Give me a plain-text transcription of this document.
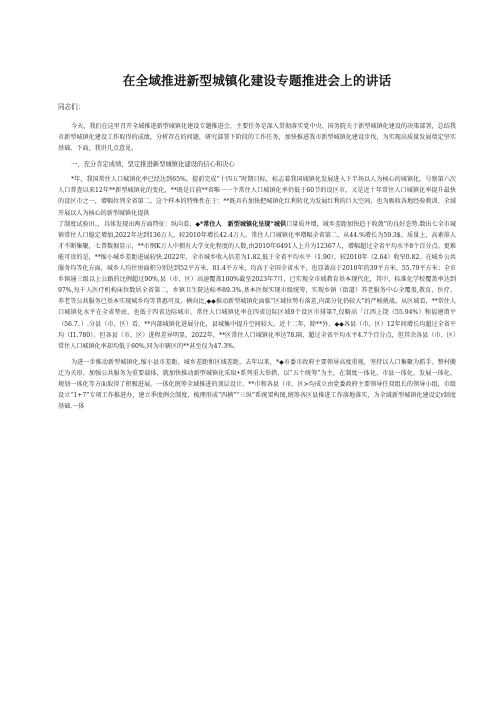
在全域推进新型城镇化建设专题推进会上的讲话

同志们：

今天，我们在这里召开全域推进新型城镇化建设专题推进会，主要任务是深入贯彻落实党中央、国务院关于新型城镇化建设的决策部署，总结我市新型城镇化建设工作取得的成绩，分析存在的问题，研究部署下阶段的工作任务，加快推进我市新型城镇化建设步伐，为实现高质量发展奠定坚实基础。下面，我讲几点意见。

一、充分肯定成绩，坚定推进新型城镇化建设的信心和决心

*年，我国常住人口城镇化率已经达到65%，提前完成“十四五”时期目标，标志着我国城镇化发展进入下半场以人为核心的城镇化。号察第六次人口普查以来12年**新型城镇化的变化，**既是目前**省唯一一个常住人口城镇化率仍低于60节的设区市，又是近十年常住人口城镇化率提升最快的设区市之一，增幅位列全省第二。这个样本的特殊性在于：**既具有加快把城镇化红利转化为发展红利的巨大空间，也为吸收各地经验教训、全域开展以人为核心的新型城镇化提供

了制度试验田。，具体发现出两方面特征：纵向看，◆*常住人　新型城镇化呈现“城供口量质并增，城乡差距加快趋于收敛”的良好态势.数出七全市城镇常住人口稳定增加,2022年达到136万人，较2010年增长42.4万人。常住人口城镇化率增幅全省第二，从44.%增长为59.3$。质量上，高素俳人才不断集聚，七普数据显示，**市悯K万人中拥有大学文化程度的人数,由2010年6491人上升为12367人，增幅超过全省平均水平8个百分点。更难能可贵的是，**缩小城乡差距进展较快.2022年，全市城乡收入倍差为1.82,低于全省平均水平（1.90），较2010年（2.64）收窄0.82。在城乡公共服务均等化方面，城乡人均住房面积分别达到52平方米、81.4平方米，均高于全国全省水平，也显著高于2010年的39平方米、55.79平方米；全市乡镇通三级以上公路的比例超过90%,县（市、区）高速覆盖100%截至2023年7月，已实现全市域教育基本现代化，其中，标准化学校覆盖率达到97%,每千人医疗机构床位数居全省第二，乡镇卫生院达标率89.3%,基本医保实现市级统筹，实现乡镇（街道）养老服务中心全覆盖,教育、医疗、养老等公共服务已基本实现城乡均等普惠可及。横向比,◆◆推动新型城镇化面临“区域位势有落差,内部分化仍较大”的严峻挑战。从区域看，**常住人口城镇化水平在全省垫底，也低于四省边际城市，常住人口城镇化率在四省边际区域9个设区市排第7,仅略高「江西上饶（55.94%）和福建莆平（56.7。）.分县（市、区）看，**内部城镇化进展分化，县城集中提升空间较大。近十二年，除**外，◆◆各县（市、区）12年间增长均超过全省平均（I1.780）。但各县（市、区）进程差异明显，2022年，**区常住人口城镇化率达78.隔，超过全省平均水平4.7个百分点，但其余各县（市、区）常住人口城镇化率却均低于60%,同为市辖区的**甚至仅为47.3%。

为进一步推动新型城镇化.缩小县市差距、城乡差距和区域差距，去年以来，*◆市委市政府主要领导高度重视，坚持以人口集聚为抓手、整村搬迁为关形、加强公共服务为重要载体，就加快推动新型城镇化采取•系列重大举措，以“五个统筹”为主，在制度一体化、市县一体化、发展一体化、规划一体化等方面取得了积极进展。一体化统筹全域推进的顶层设计。**市和各县（市、区>均成立由党委政府主要领导任双组长的领导小组，市级设立“1+7”专项工作推进办，建立季度例会制度，梳理形成“四横”“三纵”系统架构图,统筹各区县推进工作落地落实，为全域新型城镇化建设定r制度基础.一体
